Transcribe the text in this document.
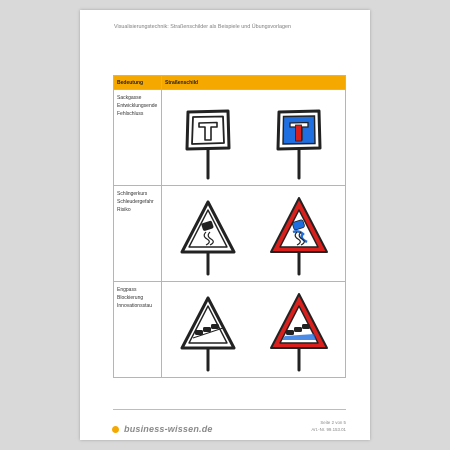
Visualisierungstechnik: Straßenschilder als Beispiele und Übungsvorlagen
Bedeutung	Straßenschild

Sackgasse
Entwicklungsende
Fehlschluss

Schlingerkurs
Schleudergefahr
Risiko

Engpass
Blockierung
Innovationsstau

business-wissen.de
Seite 2 von 5
Art.-Nr. 99.153.01
